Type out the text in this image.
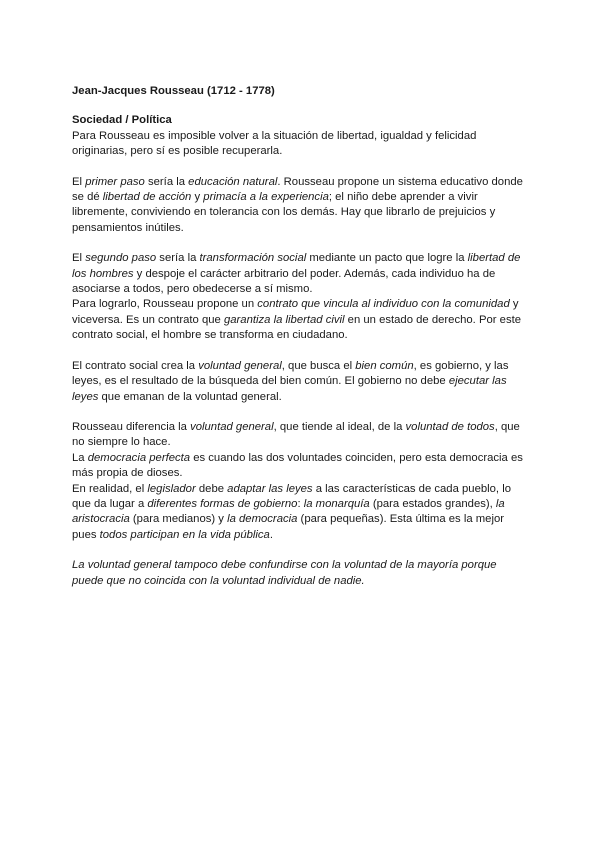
Jean-Jacques Rousseau (1712 - 1778)
Sociedad / Política

Para Rousseau es imposible volver a la situación de libertad, igualdad y felicidad originarias, pero sí es posible recuperarla.

El primer paso sería la educación natural. Rousseau propone un sistema educativo donde se dé libertad de acción y primacía a la experiencia; el niño debe aprender a vivir libremente, conviviendo en tolerancia con los demás. Hay que librarlo de prejuicios y pensamientos inútiles.

El segundo paso sería la transformación social mediante un pacto que logre la libertad de los hombres y despoje el carácter arbitrario del poder. Además, cada individuo ha de asociarse a todos, pero obedecerse a sí mismo.

Para lograrlo, Rousseau propone un contrato que vincula al individuo con la comunidad y viceversa. Es un contrato que garantiza la libertad civil en un estado de derecho. Por este contrato social, el hombre se transforma en ciudadano.

El contrato social crea la voluntad general, que busca el bien común, es gobierno, y las leyes, es el resultado de la búsqueda del bien común. El gobierno no debe ejecutar las leyes que emanan de la voluntad general.

Rousseau diferencia la voluntad general, que tiende al ideal, de la voluntad de todos, que no siempre lo hace.

La democracia perfecta es cuando las dos voluntades coinciden, pero esta democracia es más propia de dioses.

En realidad, el legislador debe adaptar las leyes a las características de cada pueblo, lo que da lugar a diferentes formas de gobierno: la monarquía (para estados grandes), la aristocracia (para medianos) y la democracia (para pequeñas). Esta última es la mejor pues todos participan en la vida pública.

La voluntad general tampoco debe confundirse con la voluntad de la mayoría porque puede que no coincida con la voluntad individual de nadie.
